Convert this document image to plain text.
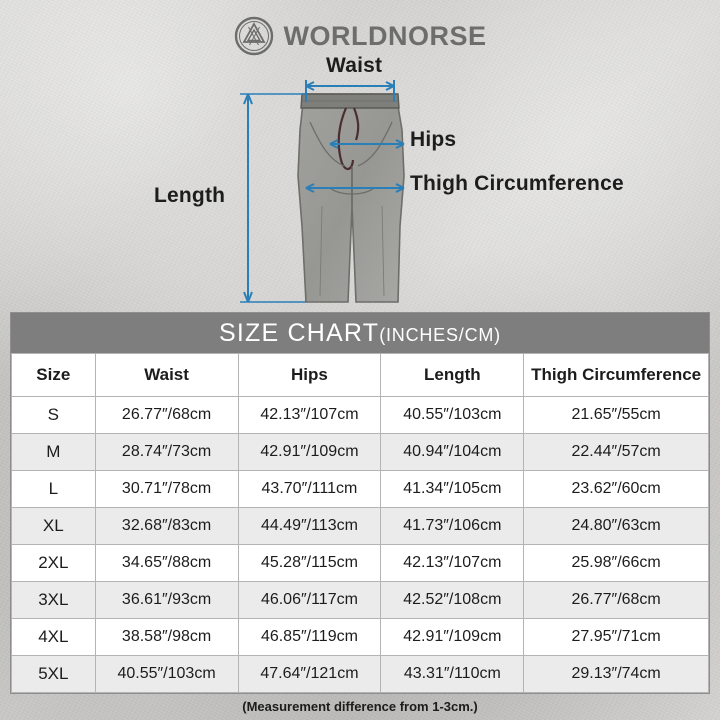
WORLDNORSE
Waist
Hips
Thigh Circumference
Length
SIZE CHART(INCHES/CM)
Size	Waist	Hips	Length	Thigh Circumference
S	26.77″/68cm	42.13″/107cm	40.55″/103cm	21.65″/55cm
M	28.74″/73cm	42.91″/109cm	40.94″/104cm	22.44″/57cm
L	30.71″/78cm	43.70″/111cm	41.34″/105cm	23.62″/60cm
XL	32.68″/83cm	44.49″/113cm	41.73″/106cm	24.80″/63cm
2XL	34.65″/88cm	45.28″/115cm	42.13″/107cm	25.98″/66cm
3XL	36.61″/93cm	46.06″/117cm	42.52″/108cm	26.77″/68cm
4XL	38.58″/98cm	46.85″/119cm	42.91″/109cm	27.95″/71cm
5XL	40.55″/103cm	47.64″/121cm	43.31″/110cm	29.13″/74cm
(Measurement difference from 1-3cm.)
